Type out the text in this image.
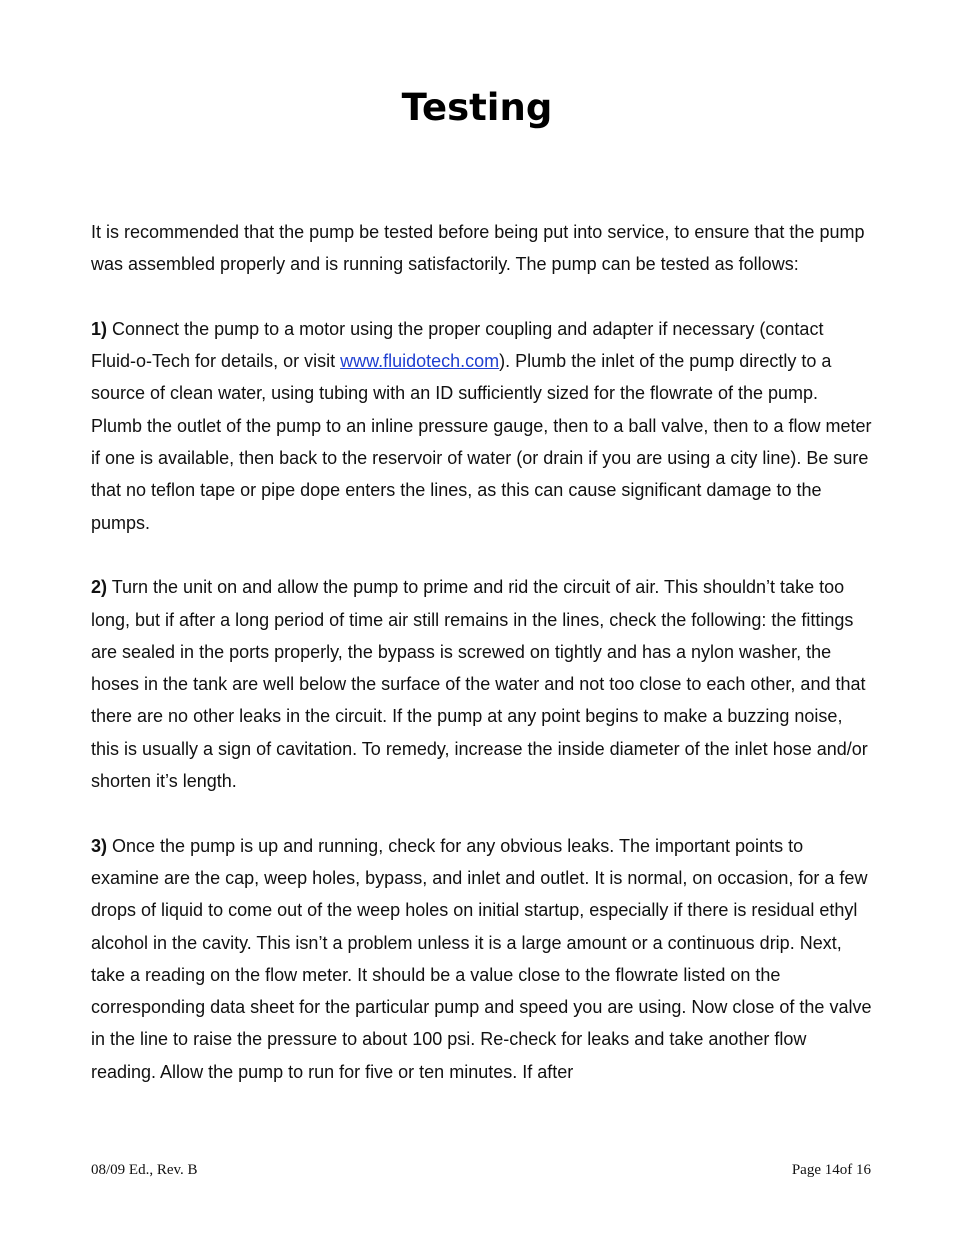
Testing

It is recommended that the pump be tested before being put into service, to ensure that the pump was assembled properly and is running satisfactorily. The pump can be tested as follows:

1) Connect the pump to a motor using the proper coupling and adapter if necessary (contact Fluid-o-Tech for details, or visit www.fluidotech.com). Plumb the inlet of the pump directly to a source of clean water, using tubing with an ID sufficiently sized for the flowrate of the pump. Plumb the outlet of the pump to an inline pressure gauge, then to a ball valve, then to a flow meter if one is available, then back to the reservoir of water (or drain if you are using a city line). Be sure that no teflon tape or pipe dope enters the lines, as this can cause significant damage to the pumps.

2) Turn the unit on and allow the pump to prime and rid the circuit of air. This shouldn’t take too long, but if after a long period of time air still remains in the lines, check the following: the fittings are sealed in the ports properly, the bypass is screwed on tightly and has a nylon washer, the hoses in the tank are well below the surface of the water and not too close to each other, and that there are no other leaks in the circuit. If the pump at any point begins to make a buzzing noise, this is usually a sign of cavitation. To remedy, increase the inside diameter of the inlet hose and/or shorten it’s length.

3) Once the pump is up and running, check for any obvious leaks. The important points to examine are the cap, weep holes, bypass, and inlet and outlet. It is normal, on occasion, for a few drops of liquid to come out of the weep holes on initial startup, especially if there is residual ethyl alcohol in the cavity. This isn’t a problem unless it is a large amount or a continuous drip. Next, take a reading on the flow meter. It should be a value close to the flowrate listed on the corresponding data sheet for the particular pump and speed you are using. Now close of the valve in the line to raise the pressure to about 100 psi. Re-check for leaks and take another flow reading. Allow the pump to run for five or ten minutes. If after

08/09 Ed., Rev. B	Page 14of 16
